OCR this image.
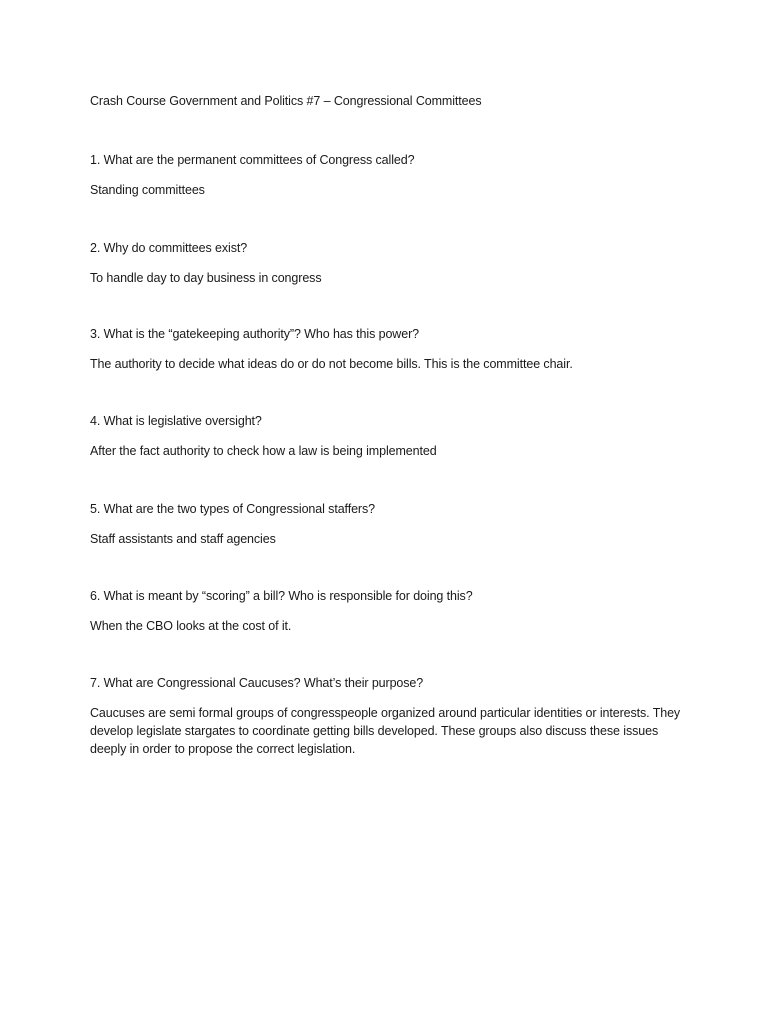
Crash Course Government and Politics #7 – Congressional Committees

1. What are the permanent committees of Congress called?

Standing committees

2. Why do committees exist?

To handle day to day business in congress

3. What is the “gatekeeping authority”? Who has this power?

The authority to decide what ideas do or do not become bills. This is the committee chair.

4. What is legislative oversight?

After the fact authority to check how a law is being implemented

5. What are the two types of Congressional staffers?

Staff assistants and staff agencies

6. What is meant by “scoring” a bill? Who is responsible for doing this?

When the CBO looks at the cost of it.

7. What are Congressional Caucuses? What’s their purpose?

Caucuses are semi formal groups of congresspeople organized around particular identities or interests. They develop legislate stargates to coordinate getting bills developed. These groups also discuss these issues deeply in order to propose the correct legislation.
